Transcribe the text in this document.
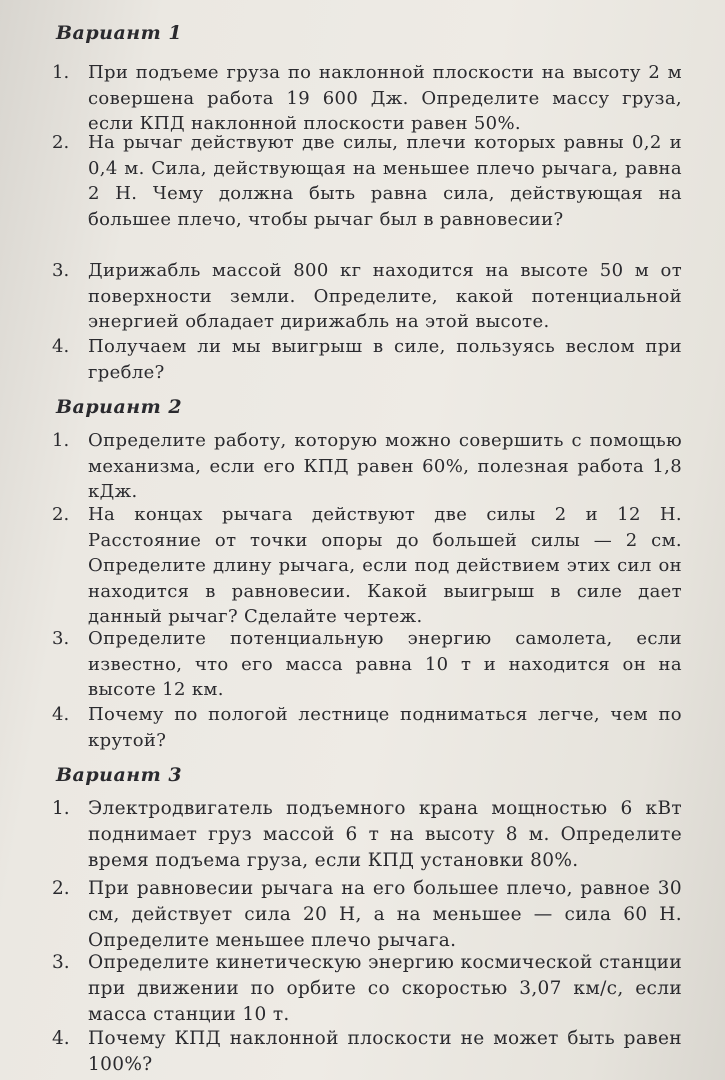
Вариант 1
1.	При подъеме груза по наклонной плоскости на высоту 2 м совершена работа 19 600 Дж. Определите массу груза, если КПД наклонной плоскости равен 50%.
2.	На рычаг действуют две силы, плечи которых равны 0,2 и 0,4 м. Сила, действующая на меньшее плечо рычага, равна 2 Н. Чему должна быть равна сила, действующая на большее плечо, чтобы рычаг был в равновесии?
3.	Дирижабль массой 800 кг находится на высоте 50 м от поверхности земли. Определите, какой потенциальной энергией обладает дирижабль на этой высоте.
4.	Получаем ли мы выигрыш в силе, пользуясь веслом при гребле?
Вариант 2
1.	Определите работу, которую можно совершить с помощью механизма, если его КПД равен 60%, полезная работа 1,8 кДж.
2.	На концах рычага действуют две силы 2 и 12 Н. Расстояние от точки опоры до большей силы — 2 см. Определите длину рычага, если под действием этих сил он находится в равновесии. Какой выигрыш в силе дает данный рычаг? Сделайте чертеж.
3.	Определите потенциальную энергию самолета, если известно, что его масса равна 10 т и находится он на высоте 12 км.
4.	Почему по пологой лестнице подниматься легче, чем по крутой?
Вариант 3
1. Электродвигатель подъемного крана мощностью 6 кВт поднимает груз массой 6 т на высоту 8 м. Определите время подъема груза, если КПД установки 80%.
2. При равновесии рычага на его большее плечо, равное 30 см, действует сила 20 Н, а на меньшее — сила 60 Н. Определите меньшее плечо рычага.
3. Определите кинетическую энергию космической станции при движении по орбите со скоростью 3,07 км/с, если масса станции 10 т.
4. Почему КПД наклонной плоскости не может быть равен 100%?
